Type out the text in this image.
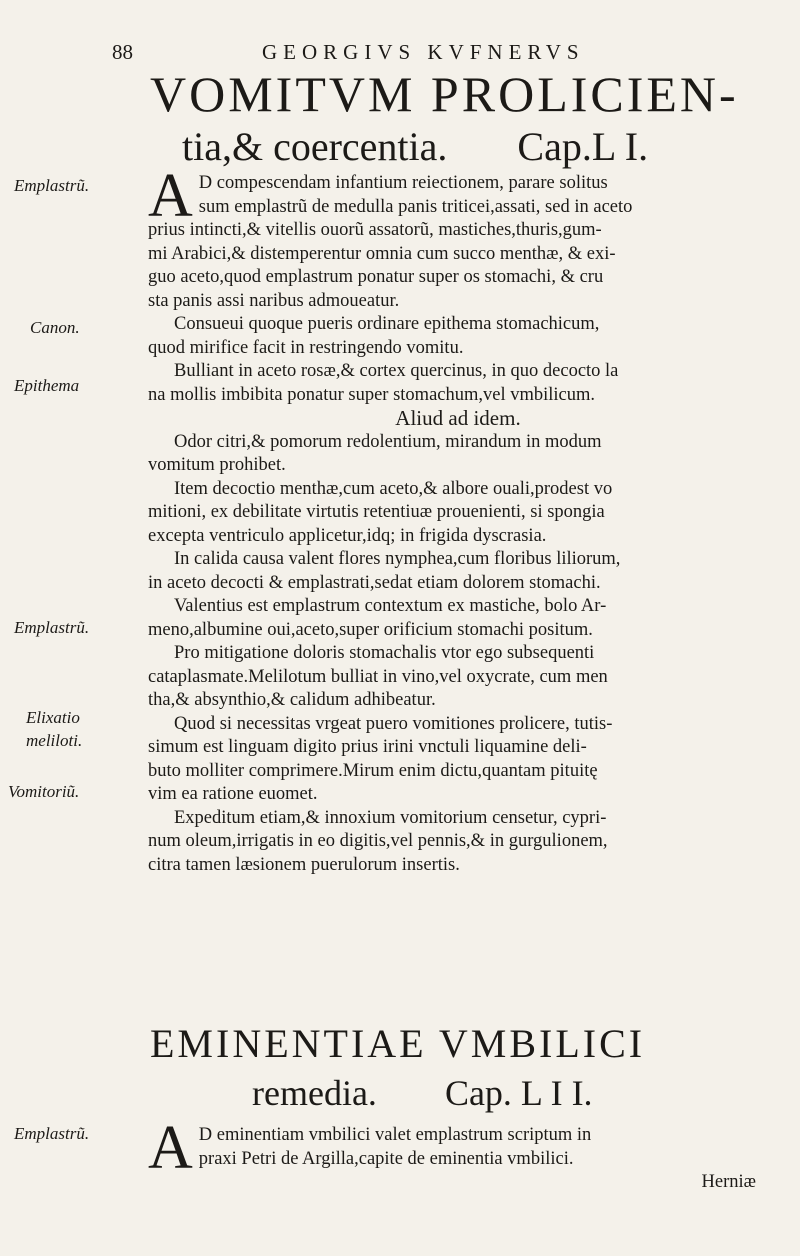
88	GEORGIVS KVFNERVS
VOMITVM PROLICIEN-
tia,& coercentia. Cap.L I.
Emplastrũ.
Canon.
Epithema
Emplastrũ.
Elixatio
meliloti.
Vomitoriũ.
Emplastrũ.

A D compescendam infantium reiectionem, parare solitus
sum emplastrũ de medulla panis triticei,assati, sed in aceto
prius intincti,& vitellis ouorũ assatorũ, mastiches,thuris,gum-
mi Arabici,& distemperentur omnia cum succo menthæ, & exi-
guo aceto,quod emplastrum ponatur super os stomachi, & cru
sta panis assi naribus admoueatur.

Consueui quoque pueris ordinare epithema stomachicum,
quod mirifice facit in restringendo vomitu.

Bulliant in aceto rosæ,& cortex quercinus, in quo decocto la
na mollis imbibita ponatur super stomachum,vel vmbilicum.

Aliud ad idem.

Odor citri,& pomorum redolentium, mirandum in modum
vomitum prohibet.

Item decoctio menthæ,cum aceto,& albore ouali,prodest vo
mitioni, ex debilitate virtutis retentiuæ prouenienti, si spongia
excepta ventriculo applicetur,idq; in frigida dyscrasia.

In calida causa valent flores nymphea,cum floribus liliorum,
in aceto decocti & emplastrati,sedat etiam dolorem stomachi.

Valentius est emplastrum contextum ex mastiche, bolo Ar-
meno,albumine oui,aceto,super orificium stomachi positum.

Pro mitigatione doloris stomachalis vtor ego subsequenti
cataplasmate.Melilotum bulliat in vino,vel oxycrate, cum men
tha,& absynthio,& calidum adhibeatur.

Quod si necessitas vrgeat puero vomitiones prolicere, tutis-
simum est linguam digito prius irini vnctuli liquamine deli-
buto molliter comprimere.Mirum enim dictu,quantam pituitę
vim ea ratione euomet.

Expeditum etiam,& innoxium vomitorium censetur, cypri-
num oleum,irrigatis in eo digitis,vel pennis,& in gurgulionem,
citra tamen læsionem puerulorum insertis.

EMINENTIAE VMBILICI
remedia. Cap. L I I.

A D eminentiam vmbilici valet emplastrum scriptum in
praxi Petri de Argilla,capite de eminentia vmbilici.

Herniæ
